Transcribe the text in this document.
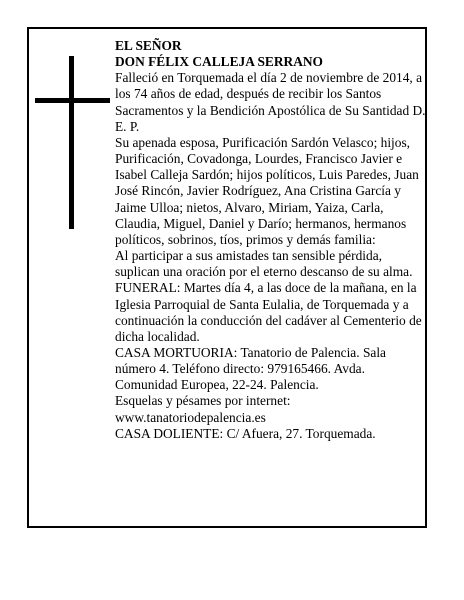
EL SEÑOR

DON FÉLIX CALLEJA SERRANO

Falleció en Torquemada el día 2 de noviembre de 2014, a los 74 años de edad, después de recibir los Santos Sacramentos y la Bendición Apostólica de Su Santidad D. E. P.

Su apenada esposa, Purificación Sardón Velasco; hijos, Purificación, Covadonga, Lourdes, Francisco Javier e Isabel Calleja Sardón; hijos políticos, Luis Paredes, Juan José Rincón, Javier Rodríguez, Ana Cristina García y Jaime Ulloa; nietos, Alvaro, Miriam, Yaiza, Carla, Claudia, Miguel, Daniel y Darío; hermanos, hermanos políticos, sobrinos, tíos, primos y demás familia:

Al participar a sus amistades tan sensible pérdida, suplican una oración por el eterno descanso de su alma.

FUNERAL: Martes día 4, a las doce de la mañana, en la Iglesia Parroquial de Santa Eulalia, de Torquemada y a continuación la conducción del cadáver al Cementerio de dicha localidad.

CASA MORTUORIA: Tanatorio de Palencia. Sala número 4. Teléfono directo: 979165466. Avda. Comunidad Europea, 22-24. Palencia.

Esquelas y pésames por internet: www.tanatoriodepalencia.es

CASA DOLIENTE: C/ Afuera, 27. Torquemada.
